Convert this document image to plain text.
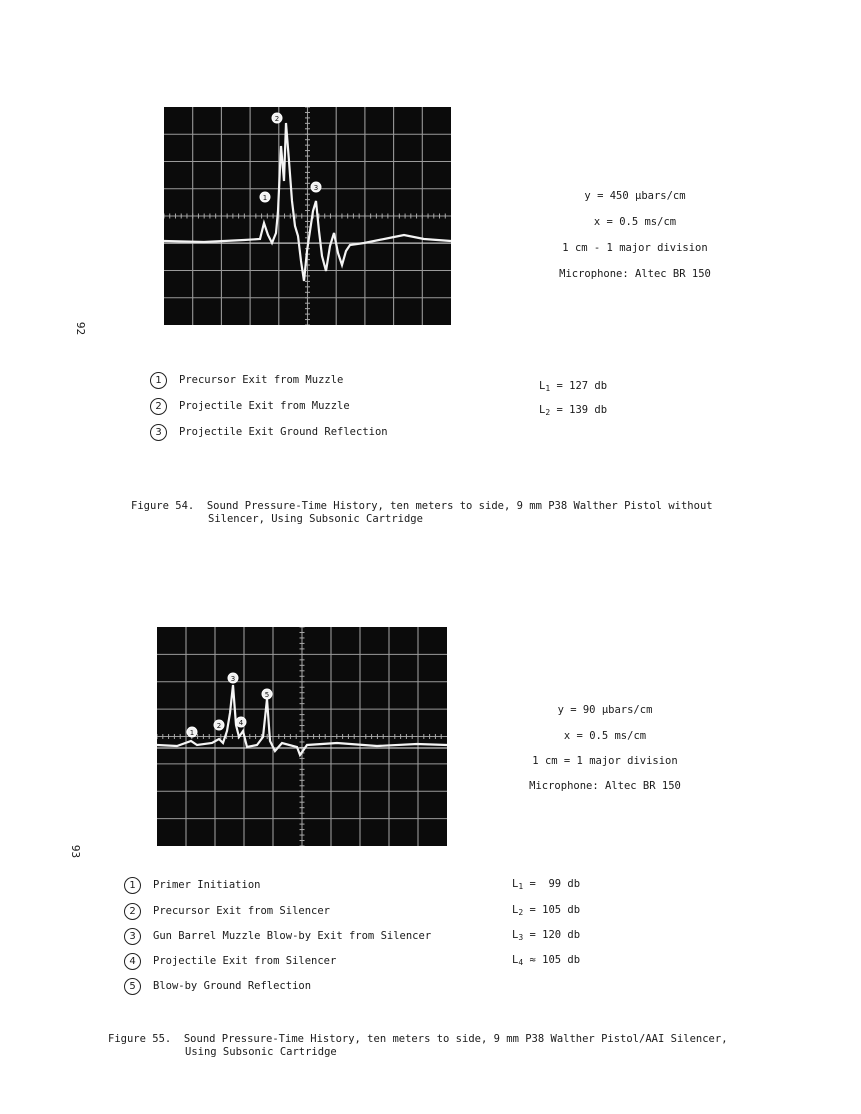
92
1
2
3
y = 450 µbars/cm
x = 0.5 ms/cm
1 cm - 1 major division
Microphone: Altec BR 150
1	Precursor Exit from Muzzle
2	Projectile Exit from Muzzle
3	Projectile Exit Ground Reflection
$L_1 = 127$ db
$L_2 = 139$ db
Figure 54.  Sound Pressure-Time History, ten meters to side, 9 mm P38 Walther Pistol without
Silencer, Using Subsonic Cartridge
93
1
2
3
4
5
y = 90 µbars/cm
x = 0.5 ms/cm
1 cm = 1 major division
Microphone: Altec BR 150
1	Primer Initiation
2	Precursor Exit from Silencer
3	Gun Barrel Muzzle Blow-by Exit from Silencer
4	Projectile Exit from Silencer
5	Blow-by Ground Reflection
$L_1 = 99$ db
$L_2 = 105$ db
$L_3 = 120$ db
$L_4 \approx 105$ db
Figure 55.  Sound Pressure-Time History, ten meters to side, 9 mm P38 Walther Pistol/AAI Silencer,
Using Subsonic Cartridge
